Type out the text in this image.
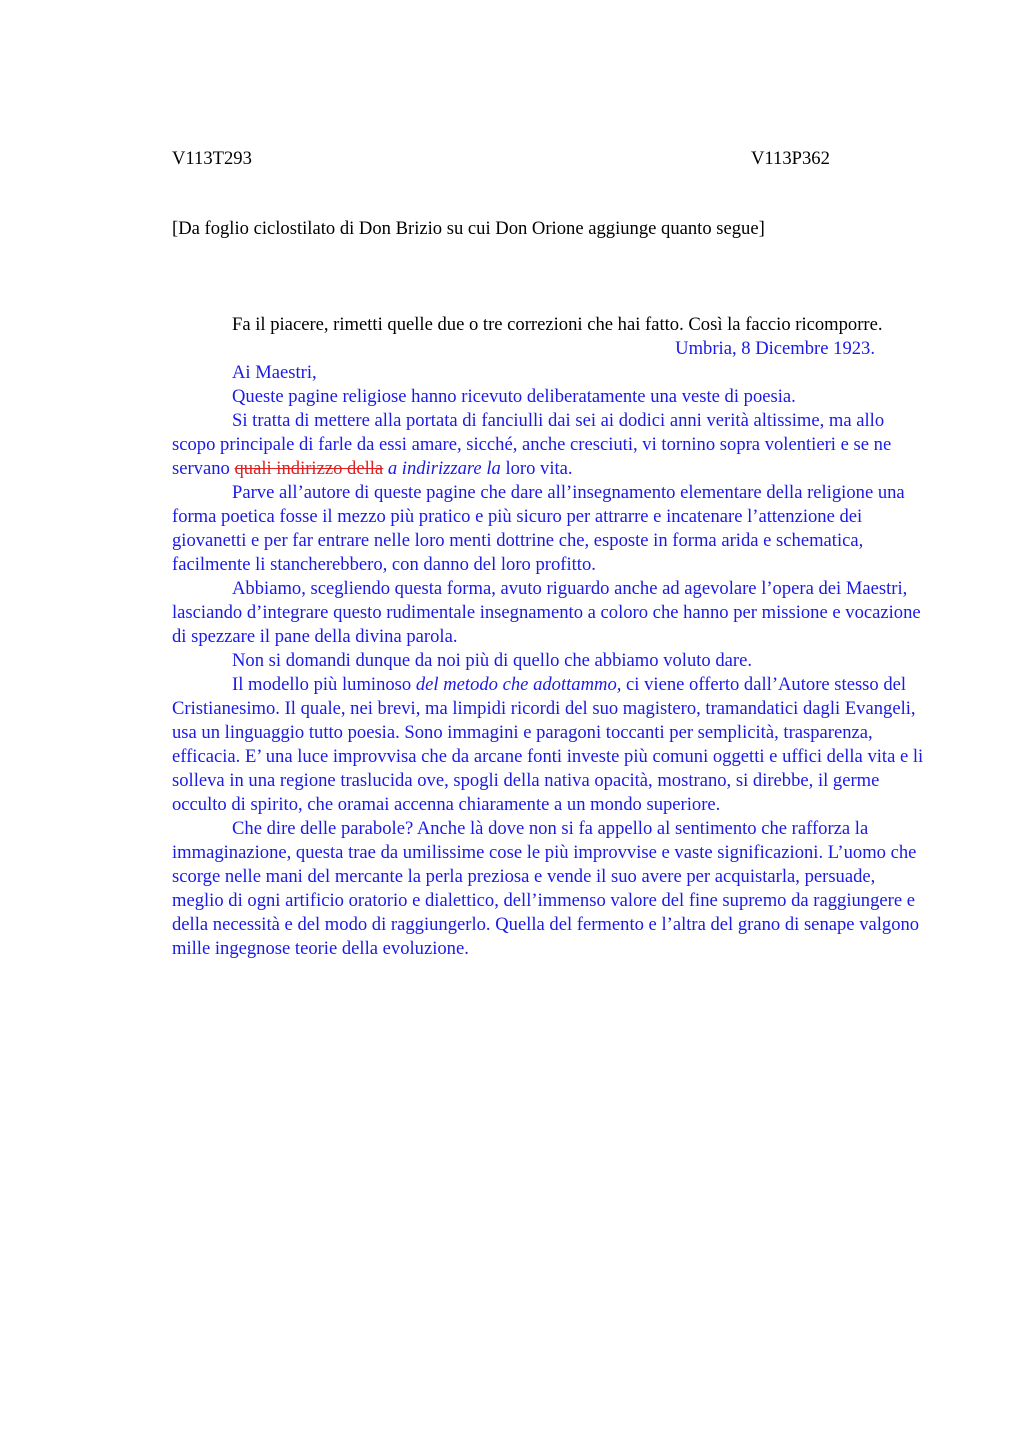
V113T293	V113P362
[Da foglio ciclostilato di Don Brizio su cui Don Orione aggiunge quanto segue]

Fa il piacere, rimetti quelle due o tre correzioni che hai fatto. Così la faccio ricomporre.

Umbria, 8 Dicembre 1923.

Ai Maestri,

Queste pagine religiose hanno ricevuto deliberatamente una veste di poesia.

Si tratta di mettere alla portata di fanciulli dai sei ai dodici anni verità altissime, ma allo scopo principale di farle da essi amare, sicché, anche cresciuti, vi tornino sopra volentieri e se ne servano quali indirizzo della a indirizzare la loro vita.

Parve all’autore di queste pagine che dare all’insegnamento elementare della religione una forma poetica fosse il mezzo più pratico e più sicuro per attrarre e incatenare l’attenzione dei giovanetti e per far entrare nelle loro menti dottrine che, esposte in forma arida e schematica, facilmente li stancherebbero, con danno del loro profitto.

Abbiamo, scegliendo questa forma, avuto riguardo anche ad agevolare l’opera dei Maestri, lasciando d’integrare questo rudimentale insegnamento a coloro che hanno per missione e vocazione di spezzare il pane della divina parola.

Non si domandi dunque da noi più di quello che abbiamo voluto dare.

Il modello più luminoso del metodo che adottammo, ci viene offerto dall’Autore stesso del Cristianesimo. Il quale, nei brevi, ma limpidi ricordi del suo magistero, tramandatici dagli Evangeli, usa un linguaggio tutto poesia. Sono immagini e paragoni toccanti per semplicità, trasparenza, efficacia. E’ una luce improvvisa che da arcane fonti investe più comuni oggetti e uffici della vita e li solleva in una regione traslucida ove, spogli della nativa opacità, mostrano, si direbbe, il germe occulto di spirito, che oramai accenna chiaramente a un mondo superiore.

Che dire delle parabole? Anche là dove non si fa appello al sentimento che rafforza la immaginazione, questa trae da umilissime cose le più improvvise e vaste significazioni. L’uomo che scorge nelle mani del mercante la perla preziosa e vende il suo avere per acquistarla, persuade, meglio di ogni artificio oratorio e dialettico, dell’immenso valore del fine supremo da raggiungere e della necessità e del modo di raggiungerlo. Quella del fermento e l’altra del grano di senape valgono mille ingegnose teorie della evoluzione.
